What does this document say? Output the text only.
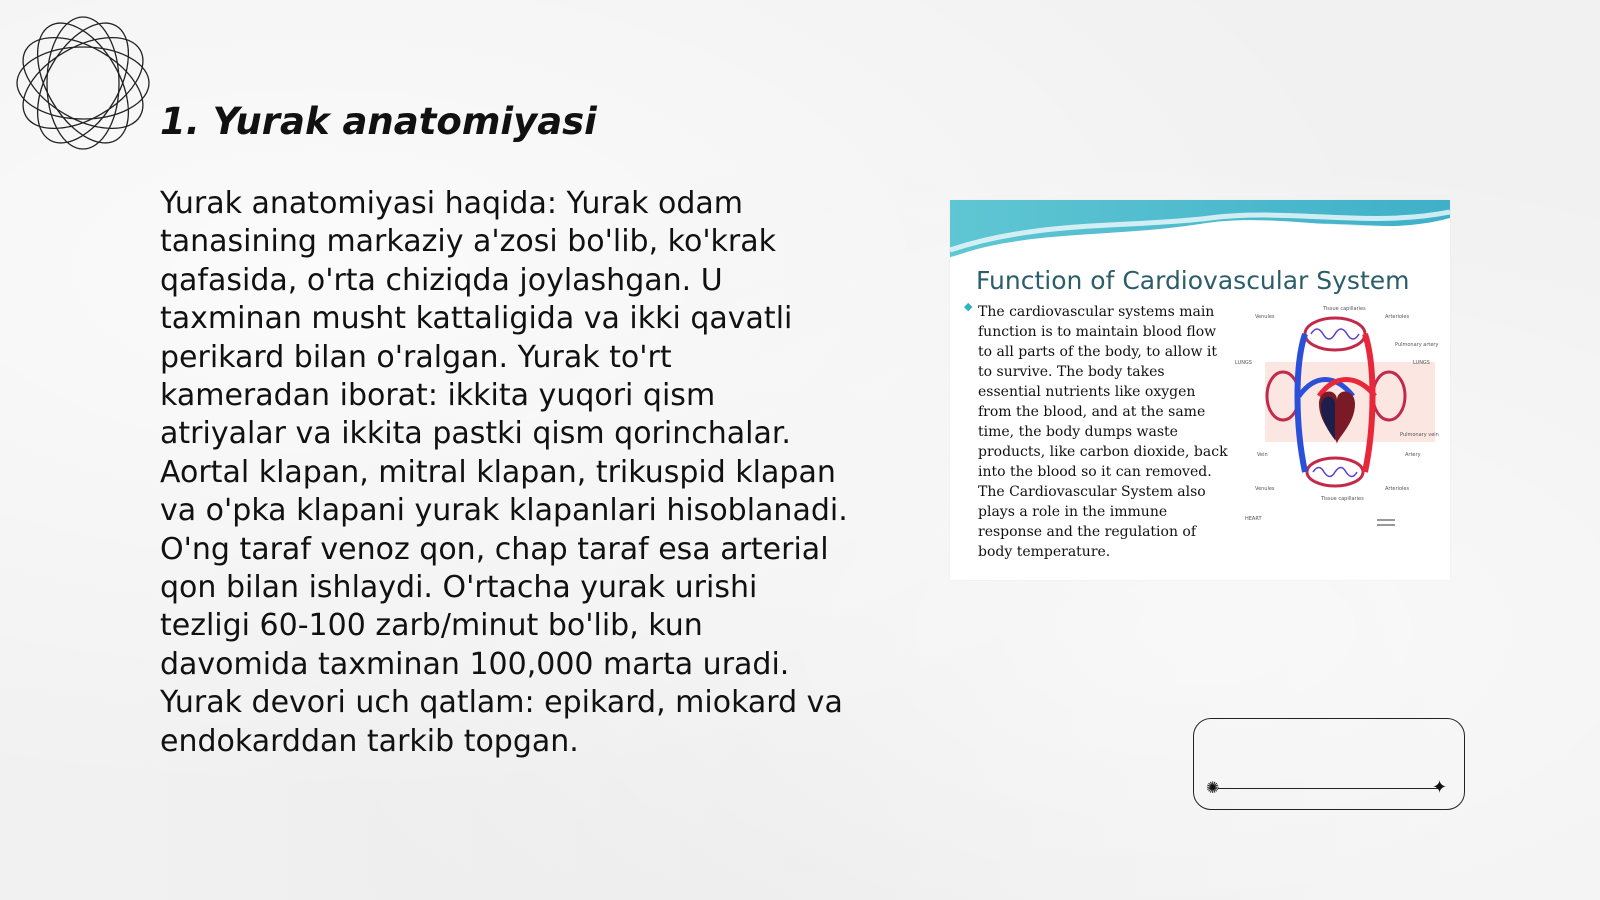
1. Yurak anatomiyasi

Yurak anatomiyasi haqida: Yurak odam tanasining markaziy a'zosi bo'lib, ko'krak qafasida, o'rta chiziqda joylashgan. U taxminan musht kattaligida va ikki qavatli perikard bilan o'ralgan. Yurak to'rt kameradan iborat: ikkita yuqori qism atriyalar va ikkita pastki qism qorinchalar. Aortal klapan, mitral klapan, trikuspid klapan va o'pka klapani yurak klapanlari hisoblanadi. O'ng taraf venoz qon, chap taraf esa arterial qon bilan ishlaydi. O'rtacha yurak urishi tezligi 60-100 zarb/minut bo'lib, kun davomida taxminan 100,000 marta uradi. Yurak devori uch qatlam: epikard, miokard va endokarddan tarkib topgan.

Function of Cardiovascular System
◆ The cardiovascular systems main function is to maintain blood flow to all parts of the body, to allow it to survive. The body takes essential nutrients like oxygen from the blood, and at the same time, the body dumps waste products, like carbon dioxide, back into the blood so it can removed. The Cardiovascular System also plays a role in the immune response and the regulation of body temperature.

Tissue capillaries
Venules	Arterioles
Pulmonary artery
LUNGS	LUNGS
Pulmonary vein
Vein	Artery
Venules	Arterioles
Tissue capillaries
HEART
✺	✦
